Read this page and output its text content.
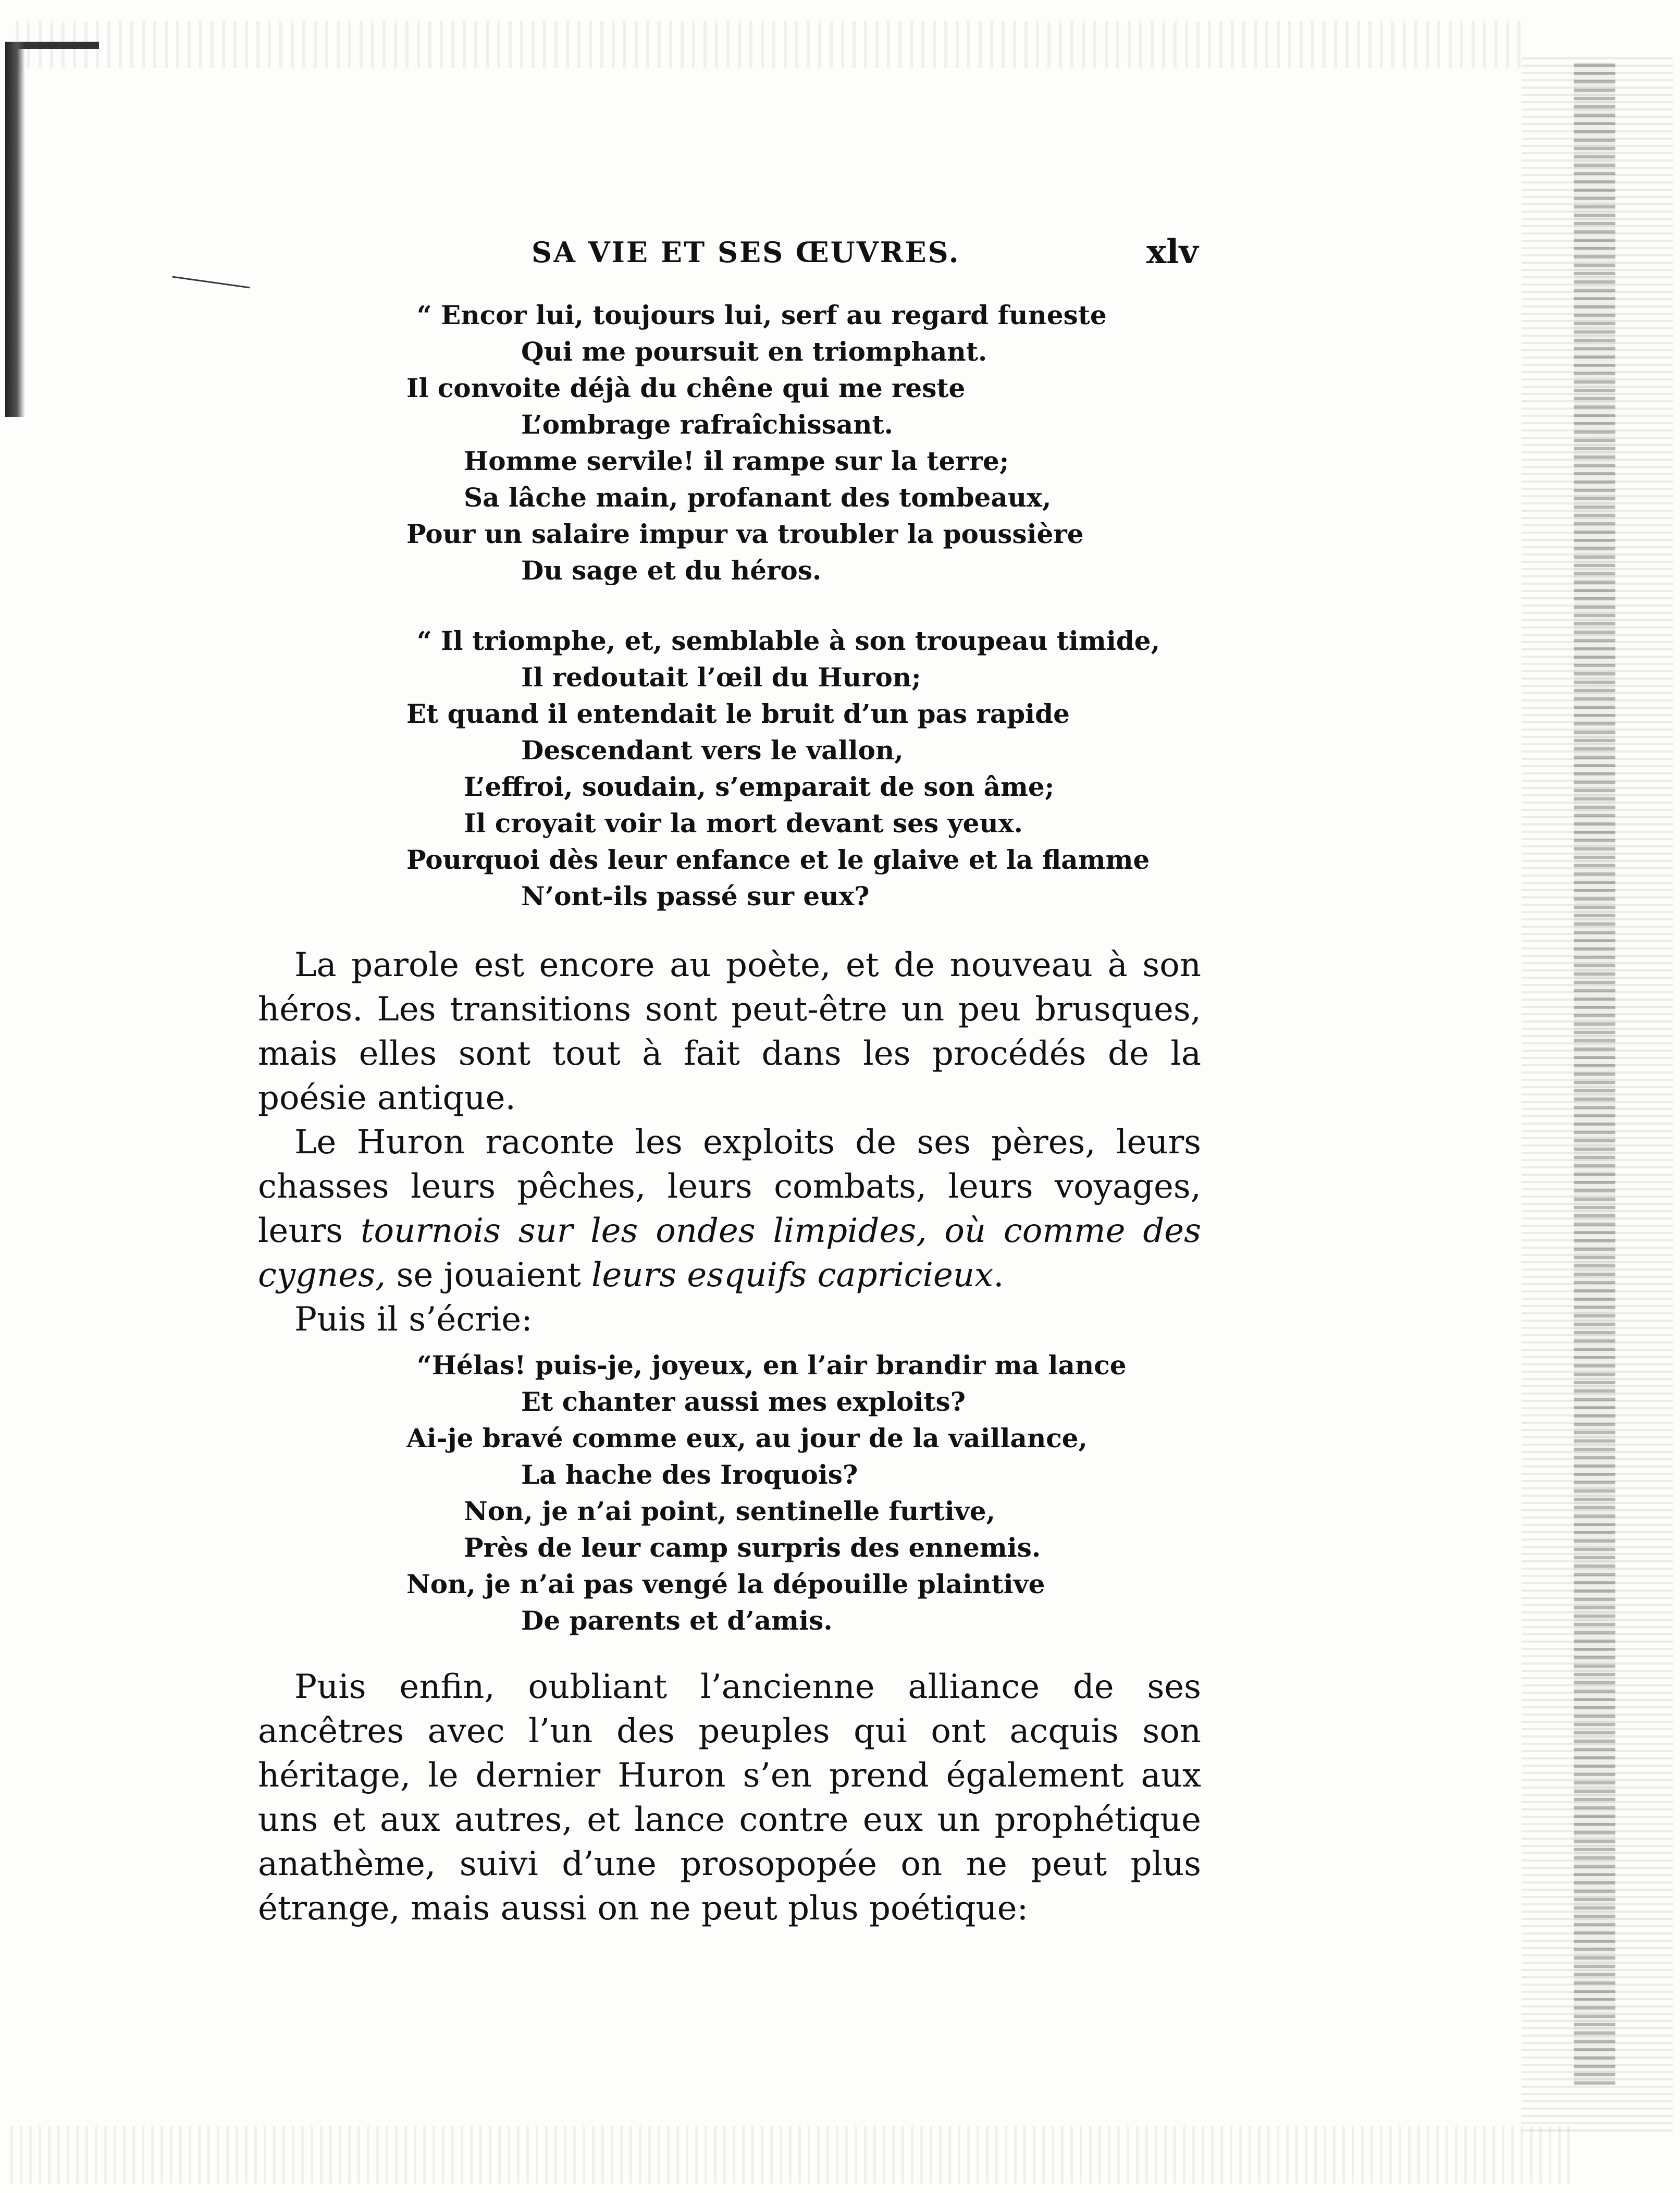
SA VIE ET SES ŒUVRES.	xlv
“ Encor lui, toujours lui, serf au regard funeste
Qui me poursuit en triomphant.
Il convoite déjà du chêne qui me reste
L’ombrage rafraîchissant.
Homme servile! il rampe sur la terre;
Sa lâche main, profanant des tombeaux,
Pour un salaire impur va troubler la poussière
Du sage et du héros.
“ Il triomphe, et, semblable à son troupeau timide,
Il redoutait l’œil du Huron;
Et quand il entendait le bruit d’un pas rapide
Descendant vers le vallon,
L’effroi, soudain, s’emparait de son âme;
Il croyait voir la mort devant ses yeux.
Pourquoi dès leur enfance et le glaive et la flamme
N’ont-ils passé sur eux?

La parole est encore au poète, et de nouveau à son héros. Les transitions sont peut-être un peu brusques, mais elles sont tout à fait dans les procédés de la poésie antique.

Le Huron raconte les exploits de ses pères, leurs chasses leurs pêches, leurs combats, leurs voyages, leurs tournois sur les ondes limpides, où comme des cygnes, se jouaient leurs esquifs capricieux.

Puis il s’écrie:

“Hélas! puis-je, joyeux, en l’air brandir ma lance
Et chanter aussi mes exploits?
Ai-je bravé comme eux, au jour de la vaillance,
La hache des Iroquois?
Non, je n’ai point, sentinelle furtive,
Près de leur camp surpris des ennemis.
Non, je n’ai pas vengé la dépouille plaintive
De parents et d’amis.

Puis enfin, oubliant l’ancienne alliance de ses ancêtres avec l’un des peuples qui ont acquis son héritage, le dernier Huron s’en prend également aux uns et aux autres, et lance contre eux un prophétique anathème, suivi d’une prosopopée on ne peut plus étrange, mais aussi on ne peut plus poétique:
